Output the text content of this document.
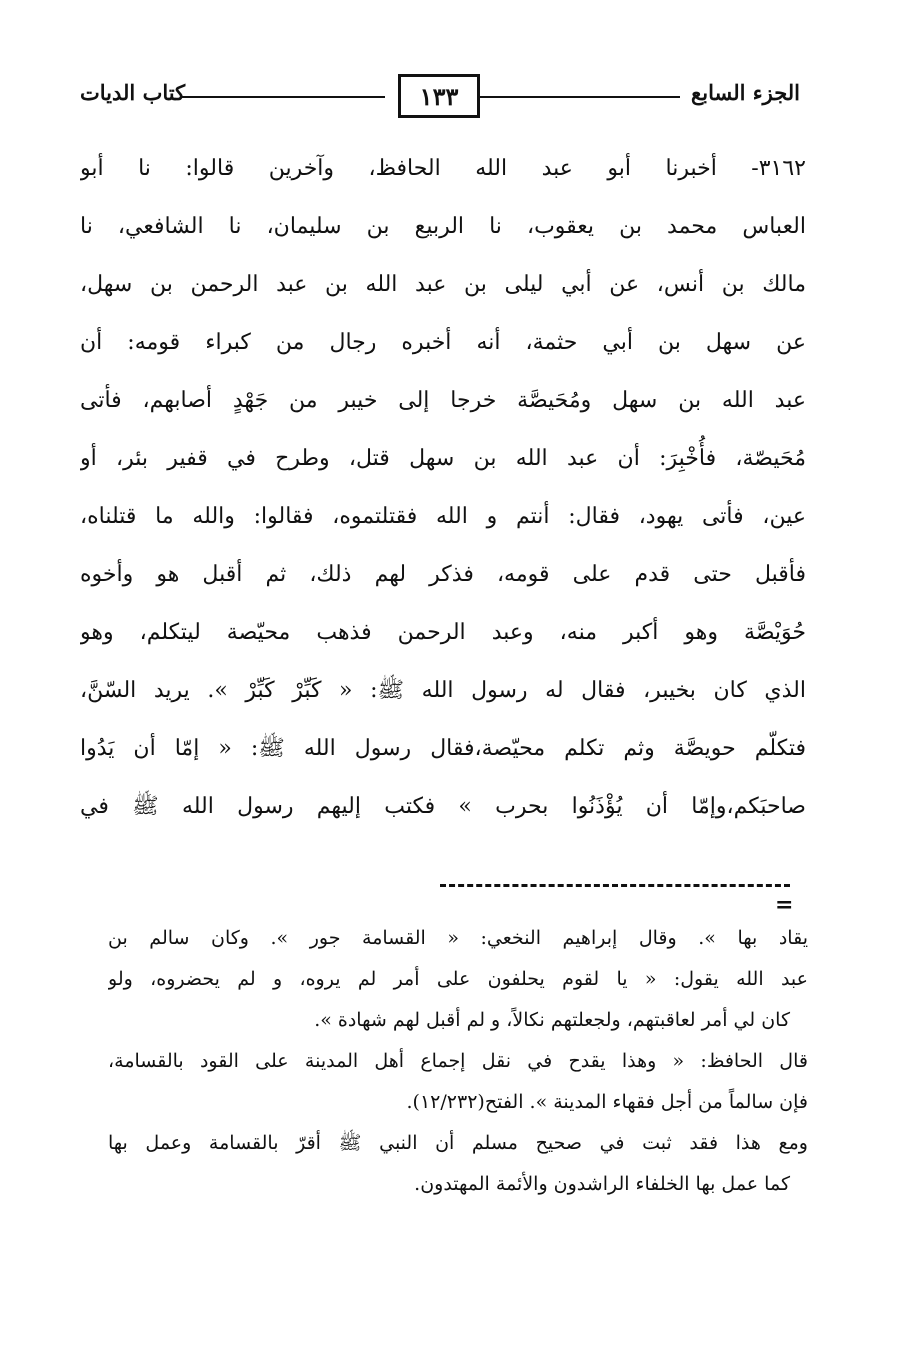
الجزء السابع
١٣٣
كتاب الديات
٣١٦٢- أخبرنا أبو عبد الله الحافظ، وآخرين قالوا: نا أبو
العباس محمد بن يعقوب، نا الربيع بن سليمان، نا الشافعي، نا
مالك بن أنس، عن أبي ليلى بن عبد الله بن عبد الرحمن بن سهل،
عن سهل بن أبي حثمة، أنه أخبره رجال من كبراء قومه: أن
عبد الله بن سهل ومُحَيصَّة خرجا إلى خيبر من جَهْدٍ أصابهم، فأتى
مُحَيصّة، فأُخْبِرَ: أن عبد الله بن سهل قتل، وطرح في قفير بئر، أو
عين، فأتى يهود، فقال: أنتم و الله فقتلتموه، فقالوا: والله ما قتلناه،
فأقبل حتى قدم على قومه، فذكر لهم ذلك، ثم أقبل هو وأخوه
حُوَيْصَّة وهو أكبر منه، وعبد الرحمن فذهب محيّصة ليتكلم، وهو
الذي كان بخيبر، فقال له رسول الله ﷺ: « كَبِّرْ كَبِّرْ ». يريد السّنَّ،
فتكلّم حويصَّة وثم تكلم محيّصة،فقال رسول الله ﷺ: « إمّا أن يَدُوا
صاحبَكم،وإمّا أن يُؤْذَنُوا بحرب » فكتب إليهم رسول الله ﷺ في
=
يقاد بها ». وقال إبراهيم النخعي: « القسامة جور ». وكان سالم بن
عبد الله يقول: « يا لقوم يحلفون على أمر لم يروه، و لم يحضروه، ولو
كان لي أمر لعاقبتهم، ولجعلتهم نكالاً، و لم أقبل لهم شهادة ».
قال الحافظ: « وهذا يقدح في نقل إجماع أهل المدينة على القود بالقسامة،
فإن سالماً من أجل فقهاء المدينة ». الفتح(١٢/٢٣٢).
ومع هذا فقد ثبت في صحيح مسلم أن النبي ﷺ أقرّ بالقسامة وعمل بها
كما عمل بها الخلفاء الراشدون والأئمة المهتدون.
